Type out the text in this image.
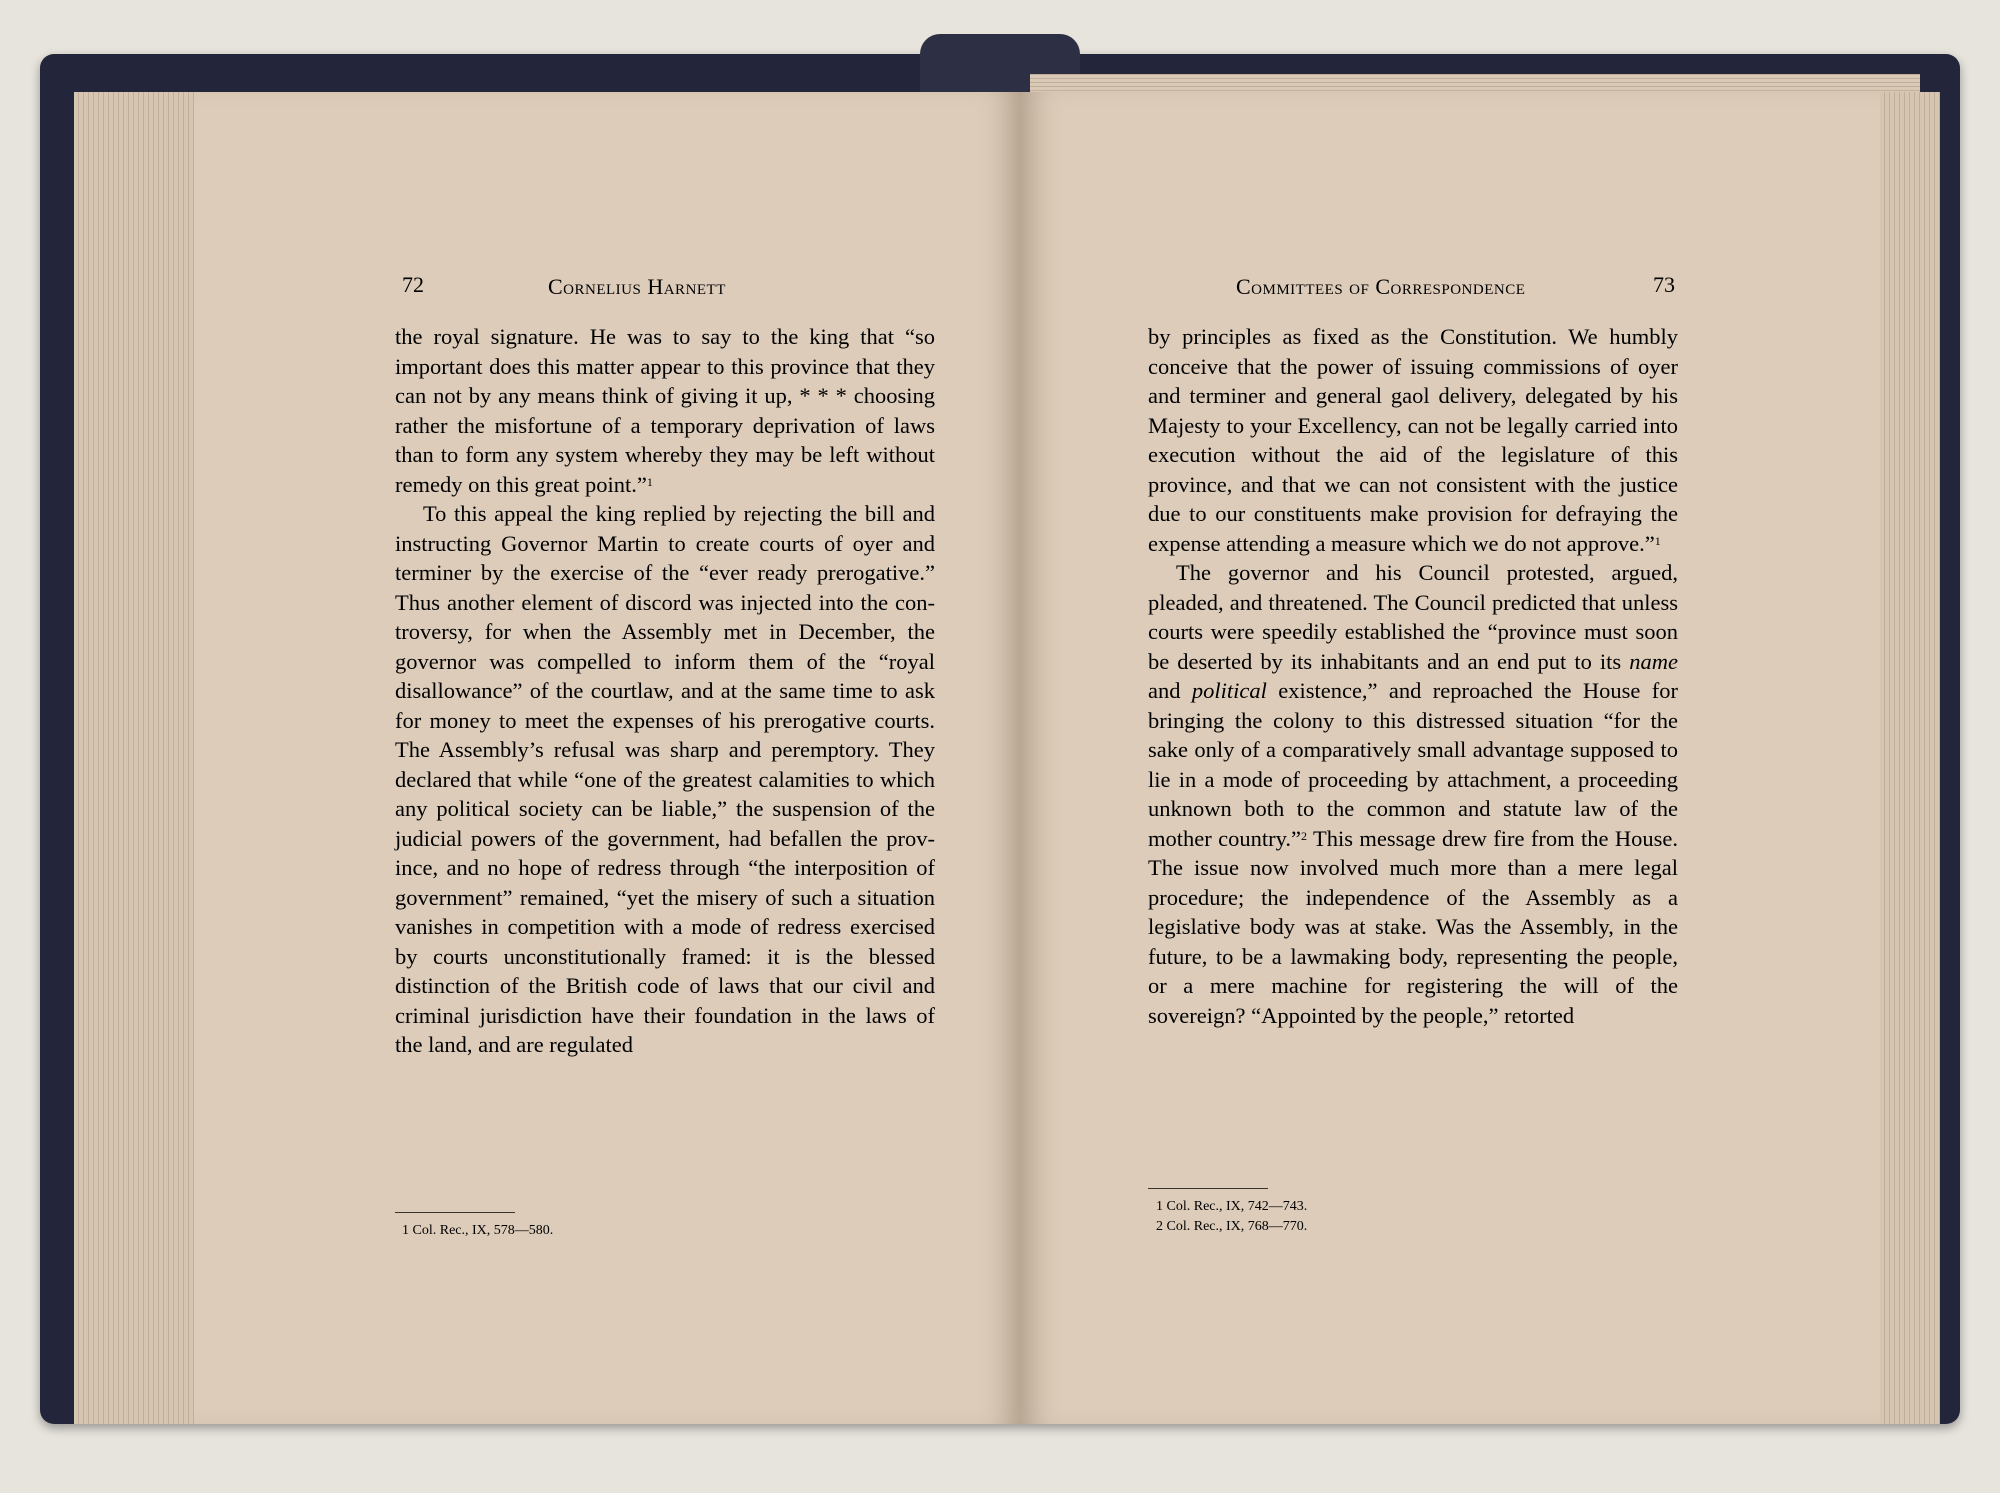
72	Cornelius Harnett

the royal signature. He was to say to the king that “so important does this matter appear to this province that they can not by any means think of giving it up, * * * choosing rather the misfortune of a temporary deprivation of laws than to form any system whereby they may be left without remedy on this great point.”$^1$

To this appeal the king replied by rejecting the bill and instructing Governor Martin to create courts of oyer and terminer by the exercise of the “ever ready prerogative.” Thus another element of discord was injected into the controversy, for when the Assembly met in December, the governor was compelled to inform them of the “royal disallowance” of the courtlaw, and at the same time to ask for money to meet the expenses of his prerogative courts. The Assembly’s refusal was sharp and peremptory. They declared that while “one of the greatest calamities to which any political society can be liable,” the suspension of the judicial powers of the government, had befallen the province, and no hope of redress through “the interposition of government” remained, “yet the misery of such a situation vanishes in competition with a mode of redress exercised by courts unconstitutionally framed: it is the blessed distinction of the British code of laws that our civil and criminal jurisdiction have their foundation in the laws of the land, and are regulated

1 Col. Rec., IX, 578—580.
Committees of Correspondence	73

by principles as fixed as the Constitution. We humbly conceive that the power of issuing commissions of oyer and terminer and general gaol delivery, delegated by his Majesty to your Excellency, can not be legally carried into execution without the aid of the legislature of this province, and that we can not consistent with the justice due to our constituents make provision for defraying the expense attending a measure which we do not approve.”$^1$

The governor and his Council protested, argued, pleaded, and threatened. The Council predicted that unless courts were speedily established the “province must soon be deserted by its inhabitants and an end put to its name and political existence,” and reproached the House for bringing the colony to this distressed situation “for the sake only of a comparatively small advantage supposed to lie in a mode of proceeding by attachment, a proceeding unknown both to the common and statute law of the mother country.”$^2$ This message drew fire from the House. The issue now involved much more than a mere legal procedure; the independence of the Assembly as a legislative body was at stake. Was the Assembly, in the future, to be a lawmaking body, representing the people, or a mere machine for registering the will of the sovereign? “Appointed by the people,” retorted

1 Col. Rec., IX, 742—743.
2 Col. Rec., IX, 768—770.
